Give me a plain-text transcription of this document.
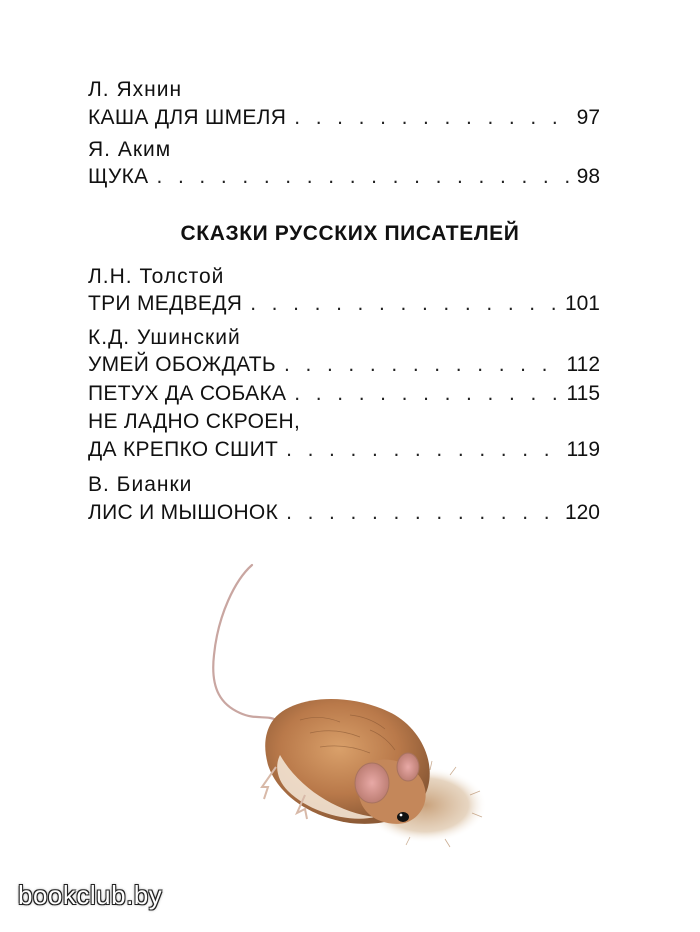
Л. Яхнин
КАША ДЛЯ ШМЕЛЯ . . .	97
Я. Аким
ЩУКА . . .	98
Л.Н. Толстой
ТРИ МЕДВЕДЯ . . .	101
К.Д. Ушинский
УМЕЙ ОБОЖДАТЬ . . .	112
ПЕТУХ ДА СОБАКА . . .	115
НЕ ЛАДНО СКРОЕН,
ДА КРЕПКО СШИТ . . .	119
В. Бианки
ЛИС И МЫШОНОК . . .	120
СКАЗКИ РУССКИХ ПИСАТЕЛЕЙ
bookclub.by
